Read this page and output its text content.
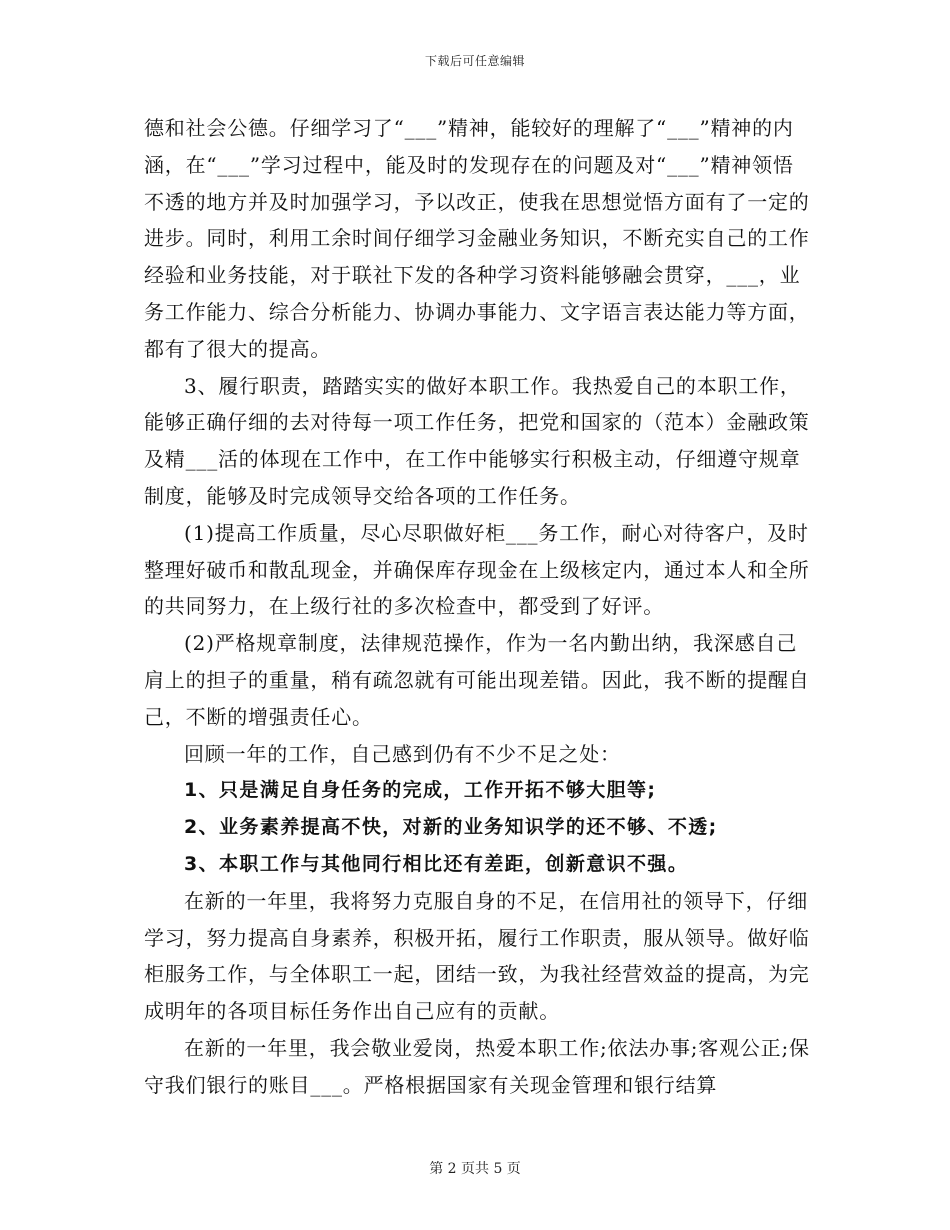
下载后可任意编辑

德和社会公德。仔细学习了“___”精神，能较好的理解了“___”精神的内涵，在“___”学习过程中，能及时的发现存在的问题及对“___”精神领悟不透的地方并及时加强学习，予以改正，使我在思想觉悟方面有了一定的进步。同时，利用工余时间仔细学习金融业务知识，不断充实自己的工作经验和业务技能，对于联社下发的各种学习资料能够融会贯穿，___，业务工作能力、综合分析能力、协调办事能力、文字语言表达能力等方面，都有了很大的提高。

3、履行职责，踏踏实实的做好本职工作。我热爱自己的本职工作，能够正确仔细的去对待每一项工作任务，把党和国家的（范本）金融政策及精___活的体现在工作中，在工作中能够实行积极主动，仔细遵守规章制度，能够及时完成领导交给各项的工作任务。

(1)提高工作质量，尽心尽职做好柜___务工作，耐心对待客户，及时整理好破币和散乱现金，并确保库存现金在上级核定内，通过本人和全所的共同努力，在上级行社的多次检查中，都受到了好评。

(2)严格规章制度，法律规范操作，作为一名内勤出纳，我深感自己肩上的担子的重量，稍有疏忽就有可能出现差错。因此，我不断的提醒自己，不断的增强责任心。

回顾一年的工作，自己感到仍有不少不足之处：

1、只是满足自身任务的完成，工作开拓不够大胆等;

2、业务素养提高不快，对新的业务知识学的还不够、不透;

3、本职工作与其他同行相比还有差距，创新意识不强。

在新的一年里，我将努力克服自身的不足，在信用社的领导下，仔细学习，努力提高自身素养，积极开拓，履行工作职责，服从领导。做好临柜服务工作，与全体职工一起，团结一致，为我社经营效益的提高，为完成明年的各项目标任务作出自己应有的贡献。

在新的一年里，我会敬业爱岗，热爱本职工作;依法办事;客观公正;保守我们银行的账目___。严格根据国家有关现金管理和银行结算

第 2 页共 5 页
